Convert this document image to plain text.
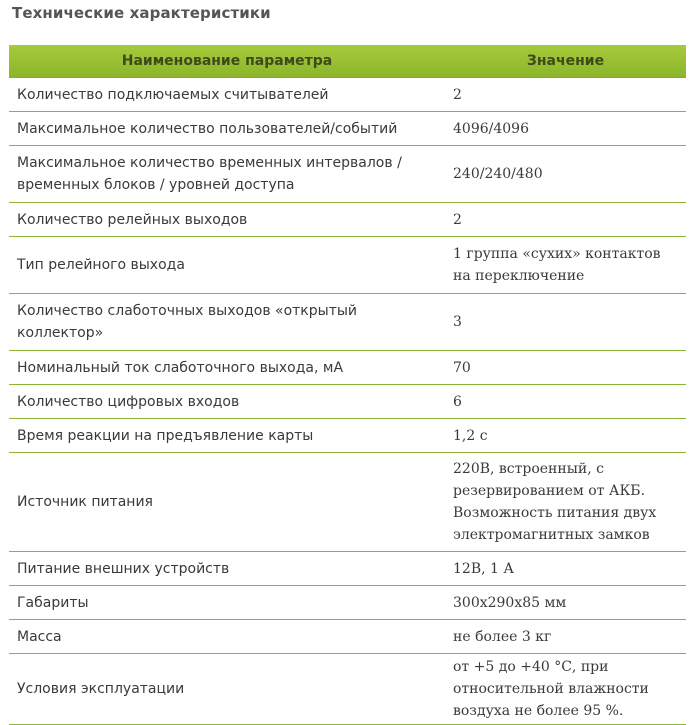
Технические характеристики
Наименование параметра	Значение
Количество подключаемых считывателей	2
Максимальное количество пользователей/событий	4096/4096
Максимальное количество временных интервалов / временных блоков / уровней доступа	240/240/480
Количество релейных выходов	2
Тип релейного выхода	1 группа «сухих» контактов на переключение
Количество слаботочных выходов «открытый коллектор»	3
Номинальный ток слаботочного выхода, мА	70
Количество цифровых входов	6
Время реакции на предъявление карты	1,2 с
Источник питания	220В, встроенный, с резервированием от АКБ. Возможность питания двух электромагнитных замков
Питание внешних устройств	12В, 1 А
Габариты	300х290х85 мм
Масса	не более 3 кг
Условия эксплуатации	от +5 до +40 °С, при относительной влажности воздуха не более 95 %.
